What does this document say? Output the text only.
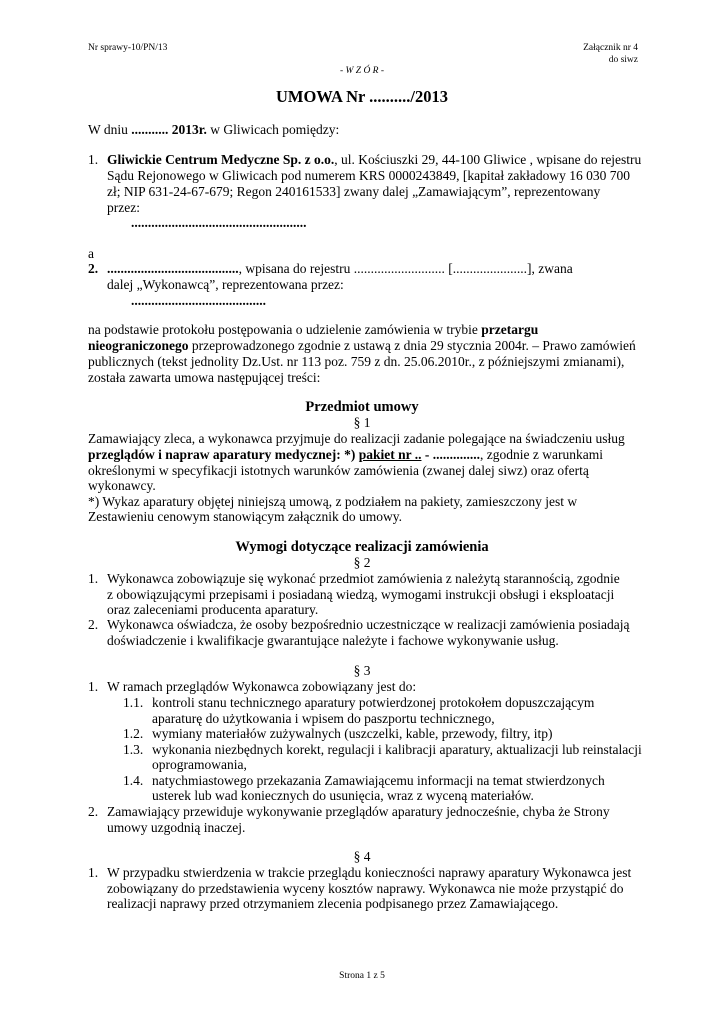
Nr sprawy-10/PN/13	Załącznik nr 4
do siwz
- W Z Ó R -
UMOWA Nr ........../2013
W dniu ........... 2013r. w Gliwicach pomiędzy:
1. Gliwickie Centrum Medyczne Sp. z o.o., ul. Kościuszki 29, 44-100 Gliwice , wpisane do rejestru
Sądu Rejonowego w Gliwicach pod numerem KRS 0000243849, [kapitał zakładowy 16 030 700
zł; NIP 631-24-67-679; Regon 240161533] zwany dalej „Zamawiającym”, reprezentowany
przez:
....................................................
a
2. ......................................., wpisana do rejestru ........................... [......................], zwana
dalej „Wykonawcą”, reprezentowana przez:
........................................
na podstawie protokołu postępowania o udzielenie zamówienia w trybie przetargu
nieograniczonego przeprowadzonego zgodnie z ustawą z dnia 29 stycznia 2004r. – Prawo zamówień
publicznych (tekst jednolity Dz.Ust. nr 113 poz. 759 z dn. 25.06.2010r., z późniejszymi zmianami),
została zawarta umowa następującej treści:
Przedmiot umowy
§ 1
Zamawiający zleca, a wykonawca przyjmuje do realizacji zadanie polegające na świadczeniu usług
przeglądów i napraw aparatury medycznej: *) pakiet nr .. - .............., zgodnie z warunkami
określonymi w specyfikacji istotnych warunków zamówienia (zwanej dalej siwz) oraz ofertą
wykonawcy.
*) Wykaz aparatury objętej niniejszą umową, z podziałem na pakiety, zamieszczony jest w
Zestawieniu cenowym stanowiącym załącznik do umowy.
Wymogi dotyczące realizacji zamówienia
§ 2
1. Wykonawca zobowiązuje się wykonać przedmiot zamówienia z należytą starannością, zgodnie
z obowiązującymi przepisami i posiadaną wiedzą, wymogami instrukcji obsługi i eksploatacji
oraz zaleceniami producenta aparatury.
2. Wykonawca oświadcza, że osoby bezpośrednio uczestniczące w realizacji zamówienia posiadają
doświadczenie i kwalifikacje gwarantujące należyte i fachowe wykonywanie usług.
§ 3
1. W ramach przeglądów Wykonawca zobowiązany jest do:
1.1. kontroli stanu technicznego aparatury potwierdzonej protokołem dopuszczającym
aparaturę do użytkowania i wpisem do paszportu technicznego,
1.2. wymiany materiałów zużywalnych (uszczelki, kable, przewody, filtry, itp)
1.3. wykonania niezbędnych korekt, regulacji i kalibracji aparatury, aktualizacji lub reinstalacji
oprogramowania,
1.4. natychmiastowego przekazania Zamawiającemu informacji na temat stwierdzonych
usterek lub wad koniecznych do usunięcia, wraz z wyceną materiałów.
2. Zamawiający przewiduje wykonywanie przeglądów aparatury jednocześnie, chyba że Strony
umowy uzgodnią inaczej.
§ 4
1. W przypadku stwierdzenia w trakcie przeglądu konieczności naprawy aparatury Wykonawca jest
zobowiązany do przedstawienia wyceny kosztów naprawy. Wykonawca nie może przystąpić do
realizacji naprawy przed otrzymaniem zlecenia podpisanego przez Zamawiającego.
Strona 1 z 5
